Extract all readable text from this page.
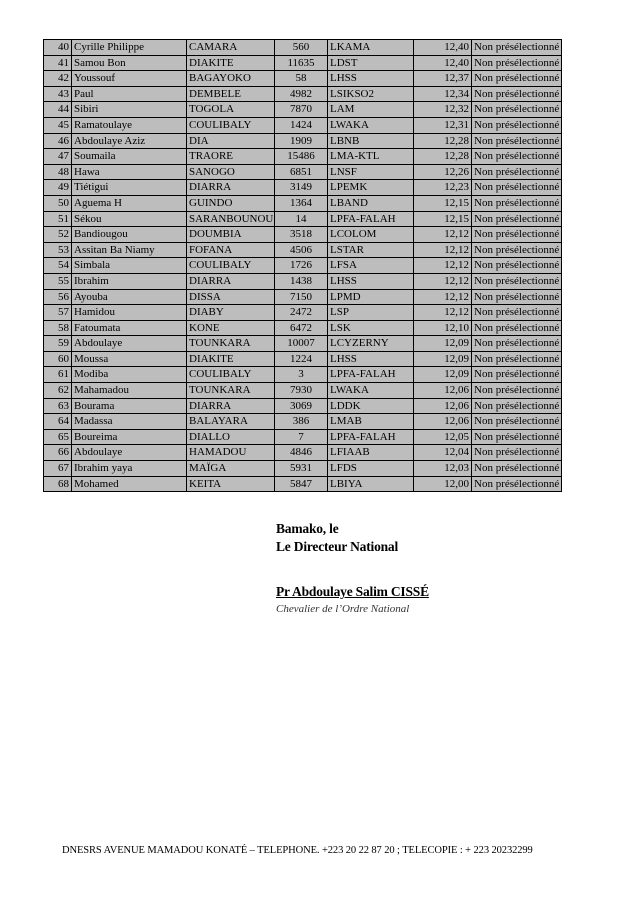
40	Cyrille Philippe	CAMARA	560	LKAMA	12,40	Non présélectionné
41	Samou Bon	DIAKITE	11635	LDST	12,40	Non présélectionné
42	Youssouf	BAGAYOKO	58	LHSS	12,37	Non présélectionné
43	Paul	DEMBELE	4982	LSIKSO2	12,34	Non présélectionné
44	Sibiri	TOGOLA	7870	LAM	12,32	Non présélectionné
45	Ramatoulaye	COULIBALY	1424	LWAKA	12,31	Non présélectionné
46	Abdoulaye Aziz	DIA	1909	LBNB	12,28	Non présélectionné
47	Soumaila	TRAORE	15486	LMA-KTL	12,28	Non présélectionné
48	Hawa	SANOGO	6851	LNSF	12,26	Non présélectionné
49	Tiétigui	DIARRA	3149	LPEMK	12,23	Non présélectionné
50	Aguema H	GUINDO	1364	LBAND	12,15	Non présélectionné
51	Sékou	SARANBOUNOU	14	LPFA-FALAH	12,15	Non présélectionné
52	Bandiougou	DOUMBIA	3518	LCOLOM	12,12	Non présélectionné
53	Assitan Ba Niamy	FOFANA	4506	LSTAR	12,12	Non présélectionné
54	Simbala	COULIBALY	1726	LFSA	12,12	Non présélectionné
55	Ibrahim	DIARRA	1438	LHSS	12,12	Non présélectionné
56	Ayouba	DISSA	7150	LPMD	12,12	Non présélectionné
57	Hamidou	DIABY	2472	LSP	12,12	Non présélectionné
58	Fatoumata	KONE	6472	LSK	12,10	Non présélectionné
59	Abdoulaye	TOUNKARA	10007	LCYZERNY	12,09	Non présélectionné
60	Moussa	DIAKITE	1224	LHSS	12,09	Non présélectionné
61	Modiba	COULIBALY	3	LPFA-FALAH	12,09	Non présélectionné
62	Mahamadou	TOUNKARA	7930	LWAKA	12,06	Non présélectionné
63	Bourama	DIARRA	3069	LDDK	12,06	Non présélectionné
64	Madassa	BALAYARA	386	LMAB	12,06	Non présélectionné
65	Boureima	DIALLO	7	LPFA-FALAH	12,05	Non présélectionné
66	Abdoulaye	HAMADOU	4846	LFIAAB	12,04	Non présélectionné
67	Ibrahim yaya	MAÏGA	5931	LFDS	12,03	Non présélectionné
68	Mohamed	KEITA	5847	LBIYA	12,00	Non présélectionné
Bamako, le
Le Directeur National
Pr Abdoulaye Salim CISSÉ
Chevalier de l’Ordre National
DNESRS AVENUE MAMADOU KONATÉ – TELEPHONE. +223 20 22 87 20 ; TELECOPIE : + 223 20232299
